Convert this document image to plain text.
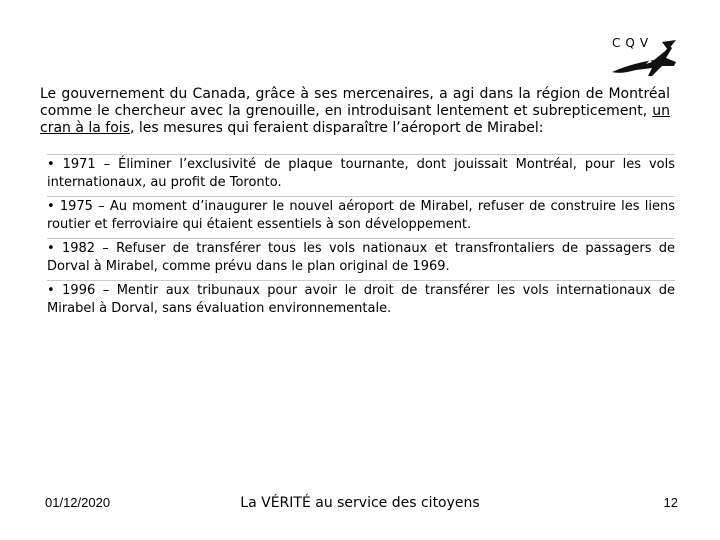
CQV
Le gouvernement du Canada, grâce à ses mercenaires, a agi dans la région de Montréal comme le chercheur avec la grenouille, en introduisant lentement et subrepticement, un cran à la fois, les mesures qui feraient disparaître l’aéroport de Mirabel:
• 1971 – Éliminer l’exclusivité de plaque tournante, dont jouissait Montréal, pour les vols internationaux, au profit de Toronto.
• 1975 – Au moment d’inaugurer le nouvel aéroport de Mirabel, refuser de construire les liens routier et ferroviaire qui étaient essentiels à son développement.
• 1982 – Refuser de transférer tous les vols nationaux et transfrontaliers de passagers de Dorval à Mirabel, comme prévu dans le plan original de 1969.
• 1996 – Mentir aux tribunaux pour avoir le droit de transférer les vols internationaux de Mirabel à Dorval, sans évaluation environnementale.
01/12/2020	La VÉRITÉ au service des citoyens	12
